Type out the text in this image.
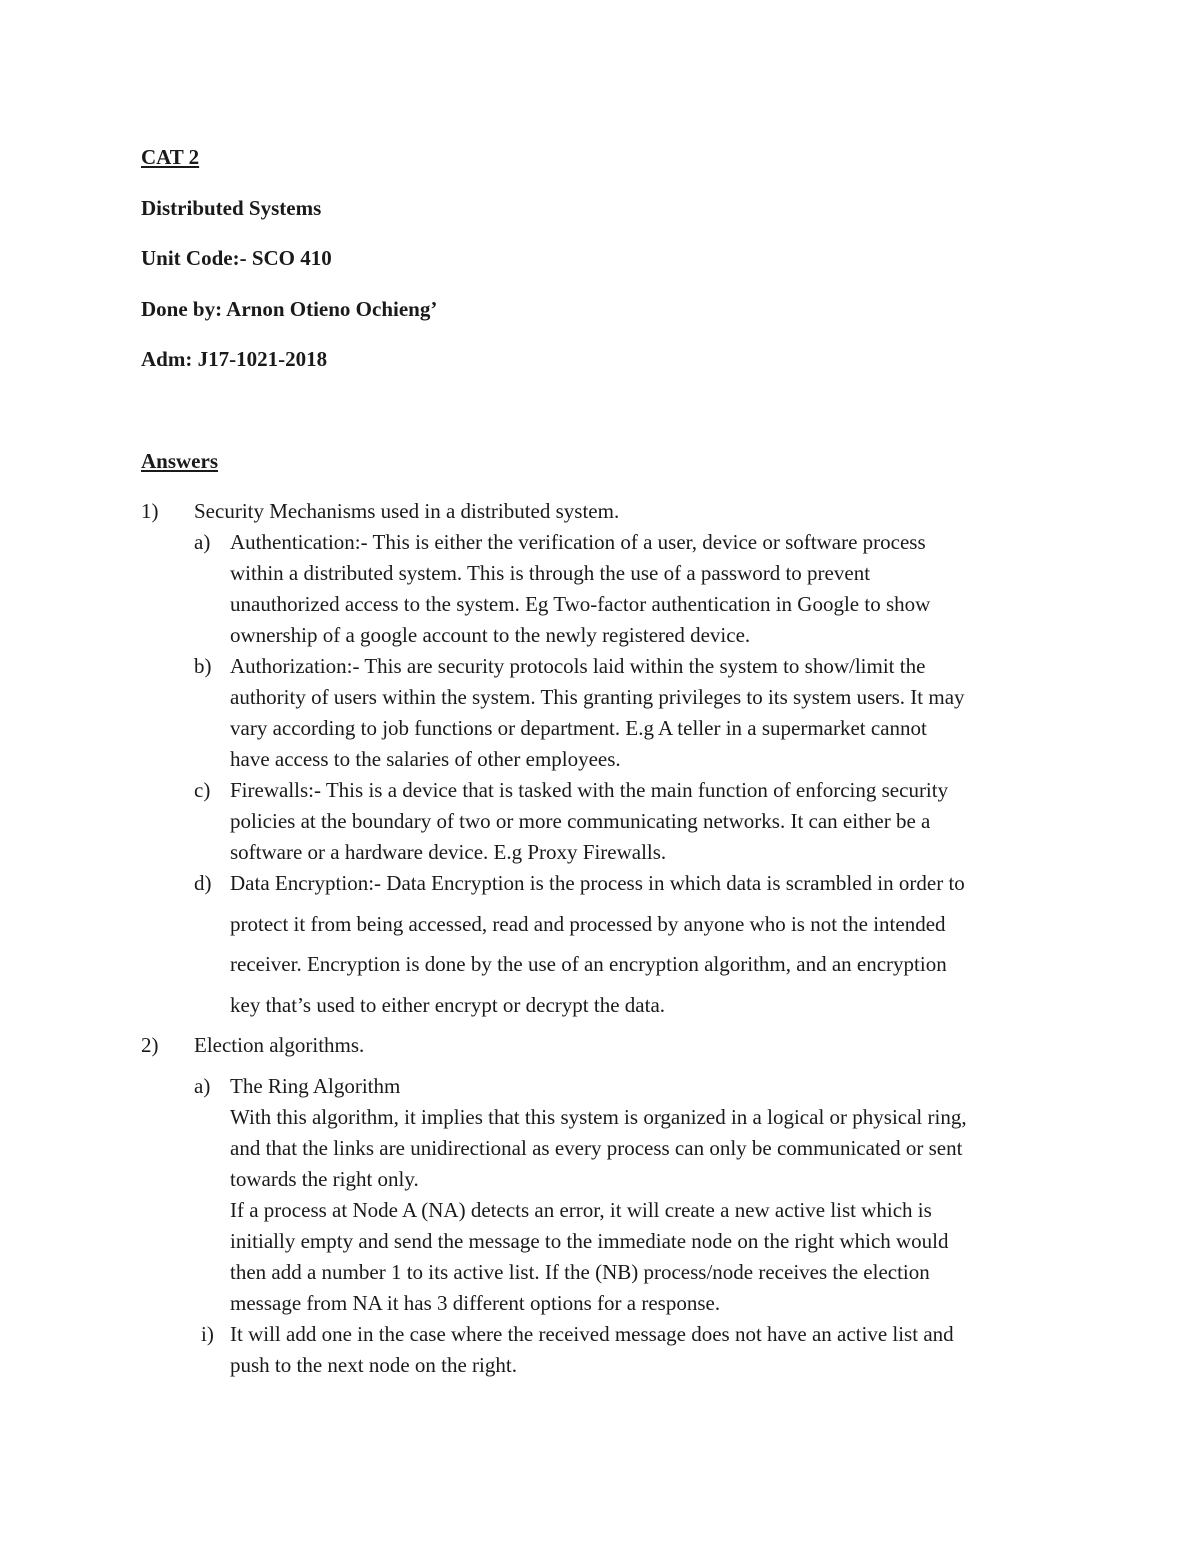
CAT 2
Distributed Systems
Unit Code:- SCO 410
Done by: Arnon Otieno Ochieng’
Adm: J17-1021-2018
Answers
1) Security Mechanisms used in a distributed system.
a) Authentication:- This is either the verification of a user, device or software process
within a distributed system. This is through the use of a password to prevent
unauthorized access to the system. Eg Two-factor authentication in Google to show
ownership of a google account to the newly registered device.
b) Authorization:- This are security protocols laid within the system to show/limit the
authority of users within the system. This granting privileges to its system users. It may
vary according to job functions or department. E.g A teller in a supermarket cannot
have access to the salaries of other employees.
c) Firewalls:- This is a device that is tasked with the main function of enforcing security
policies at the boundary of two or more communicating networks. It can either be a
software or a hardware device. E.g Proxy Firewalls.
d) Data Encryption:- Data Encryption is the process in which data is scrambled in order to
protect it from being accessed, read and processed by anyone who is not the intended
receiver. Encryption is done by the use of an encryption algorithm, and an encryption
key that’s used to either encrypt or decrypt the data.
2) Election algorithms.
a) The Ring Algorithm
With this algorithm, it implies that this system is organized in a logical or physical ring,
and that the links are unidirectional as every process can only be communicated or sent
towards the right only.
If a process at Node A (NA) detects an error, it will create a new active list which is
initially empty and send the message to the immediate node on the right which would
then add a number 1 to its active list. If the (NB) process/node receives the election
message from NA it has 3 different options for a response.
i) It will add one in the case where the received message does not have an active list and
push to the next node on the right.
